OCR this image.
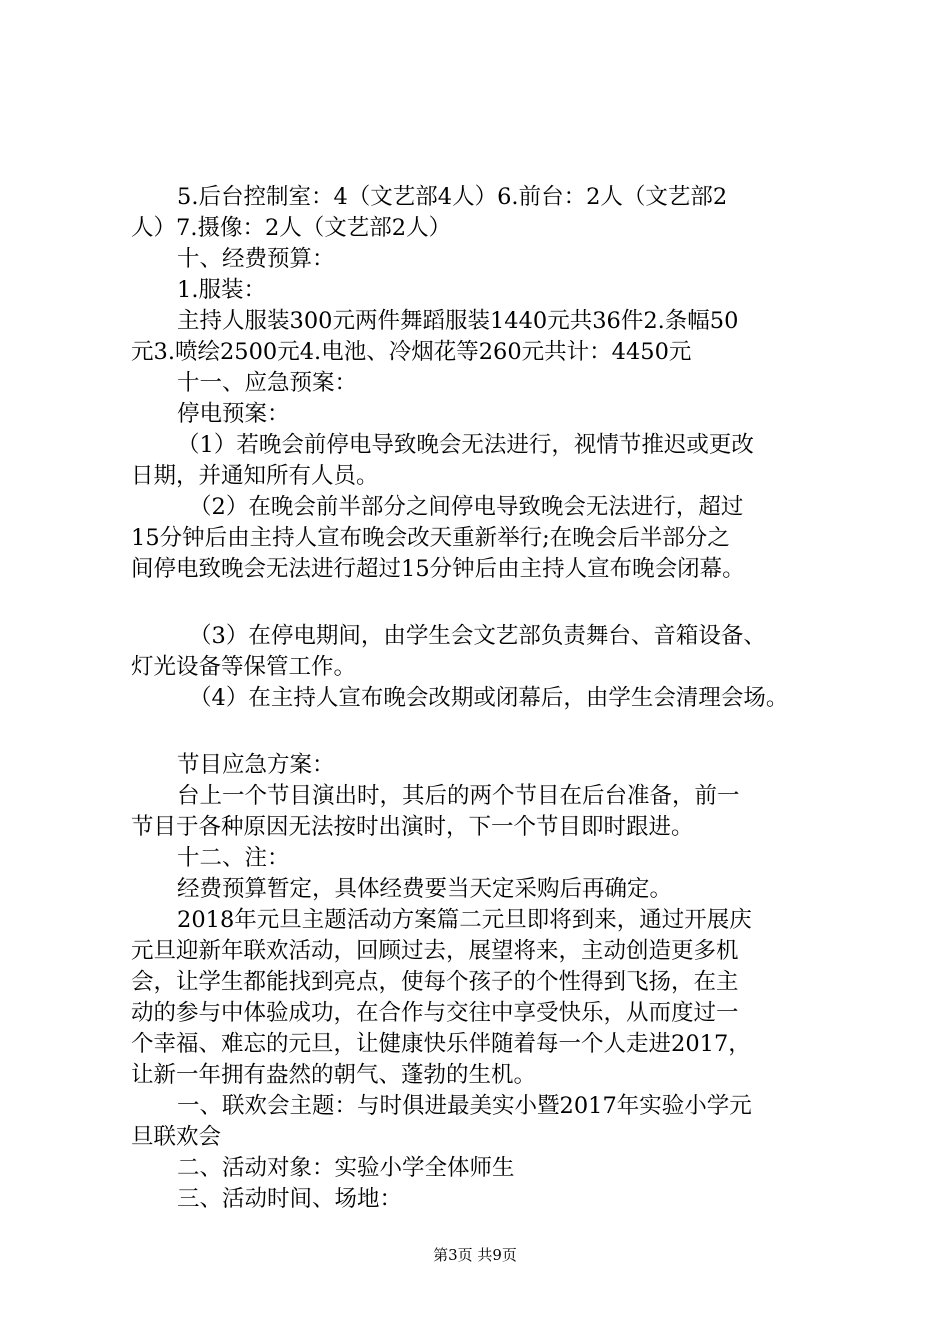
5.后台控制室：4（文艺部4人）6.前台：2人（文艺部2
人）7.摄像：2人（文艺部2人）
十、经费预算：
1.服装：
主持人服装300元两件舞蹈服装1440元共36件2.条幅50
元3.喷绘2500元4.电池、冷烟花等260元共计：4450元
十一、应急预案：
停电预案：
（1）若晚会前停电导致晚会无法进行，视情节推迟或更改
日期，并通知所有人员。
（2）在晚会前半部分之间停电导致晚会无法进行，超过
15分钟后由主持人宣布晚会改天重新举行;在晚会后半部分之
间停电致晚会无法进行超过15分钟后由主持人宣布晚会闭幕。
（3）在停电期间，由学生会文艺部负责舞台、音箱设备、
灯光设备等保管工作。
（4）在主持人宣布晚会改期或闭幕后，由学生会清理会场。
节目应急方案：
台上一个节目演出时，其后的两个节目在后台准备，前一
节目于各种原因无法按时出演时，下一个节目即时跟进。
十二、注：
经费预算暂定，具体经费要当天定采购后再确定。
2018年元旦主题活动方案篇二元旦即将到来，通过开展庆
元旦迎新年联欢活动，回顾过去，展望将来，主动创造更多机
会，让学生都能找到亮点，使每个孩子的个性得到飞扬，在主
动的参与中体验成功，在合作与交往中享受快乐，从而度过一
个幸福、难忘的元旦，让健康快乐伴随着每一个人走进2017，
让新一年拥有盎然的朝气、蓬勃的生机。
一、联欢会主题：与时俱进最美实小暨2017年实验小学元
旦联欢会
二、活动对象：实验小学全体师生
三、活动时间、场地：
第3页 共9页
